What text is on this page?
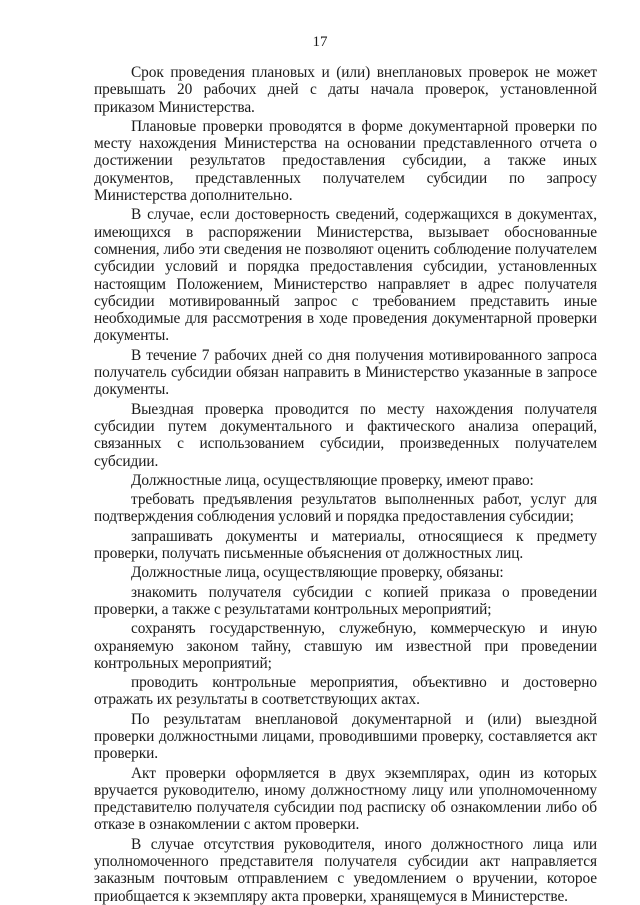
17

Срок проведения плановых и (или) внеплановых проверок не может превышать 20 рабочих дней с даты начала проверок, установленной приказом Министерства.

Плановые проверки проводятся в форме документарной проверки по месту нахождения Министерства на основании представленного отчета о достижении результатов предоставления субсидии, а также иных документов, представленных получателем субсидии по запросу Министерства дополнительно.

В случае, если достоверность сведений, содержащихся в документах, имеющихся в распоряжении Министерства, вызывает обоснованные сомнения, либо эти сведения не позволяют оценить соблюдение получателем субсидии условий и порядка предоставления субсидии, установленных настоящим Положением, Министерство направляет в адрес получателя субсидии мотивированный запрос с требованием представить иные необходимые для рассмотрения в ходе проведения документарной проверки документы.

В течение 7 рабочих дней со дня получения мотивированного запроса получатель субсидии обязан направить в Министерство указанные в запросе документы.

Выездная проверка проводится по месту нахождения получателя субсидии путем документального и фактического анализа операций, связанных с использованием субсидии, произведенных получателем субсидии.

Должностные лица, осуществляющие проверку, имеют право:

требовать предъявления результатов выполненных работ, услуг для подтверждения соблюдения условий и порядка предоставления субсидии;

запрашивать документы и материалы, относящиеся к предмету проверки, получать письменные объяснения от должностных лиц.

Должностные лица, осуществляющие проверку, обязаны:

знакомить получателя субсидии с копией приказа о проведении проверки, а также с результатами контрольных мероприятий;

сохранять государственную, служебную, коммерческую и иную охраняемую законом тайну, ставшую им известной при проведении контрольных мероприятий;

проводить контрольные мероприятия, объективно и достоверно отражать их результаты в соответствующих актах.

По результатам внеплановой документарной и (или) выездной проверки должностными лицами, проводившими проверку, составляется акт проверки.

Акт проверки оформляется в двух экземплярах, один из которых вручается руководителю, иному должностному лицу или уполномоченному представителю получателя субсидии под расписку об ознакомлении либо об отказе в ознакомлении с актом проверки.

В случае отсутствия руководителя, иного должностного лица или уполномоченного представителя получателя субсидии акт направляется заказным почтовым отправлением с уведомлением о вручении, которое приобщается к экземпляру акта проверки, хранящемуся в Министерстве.
